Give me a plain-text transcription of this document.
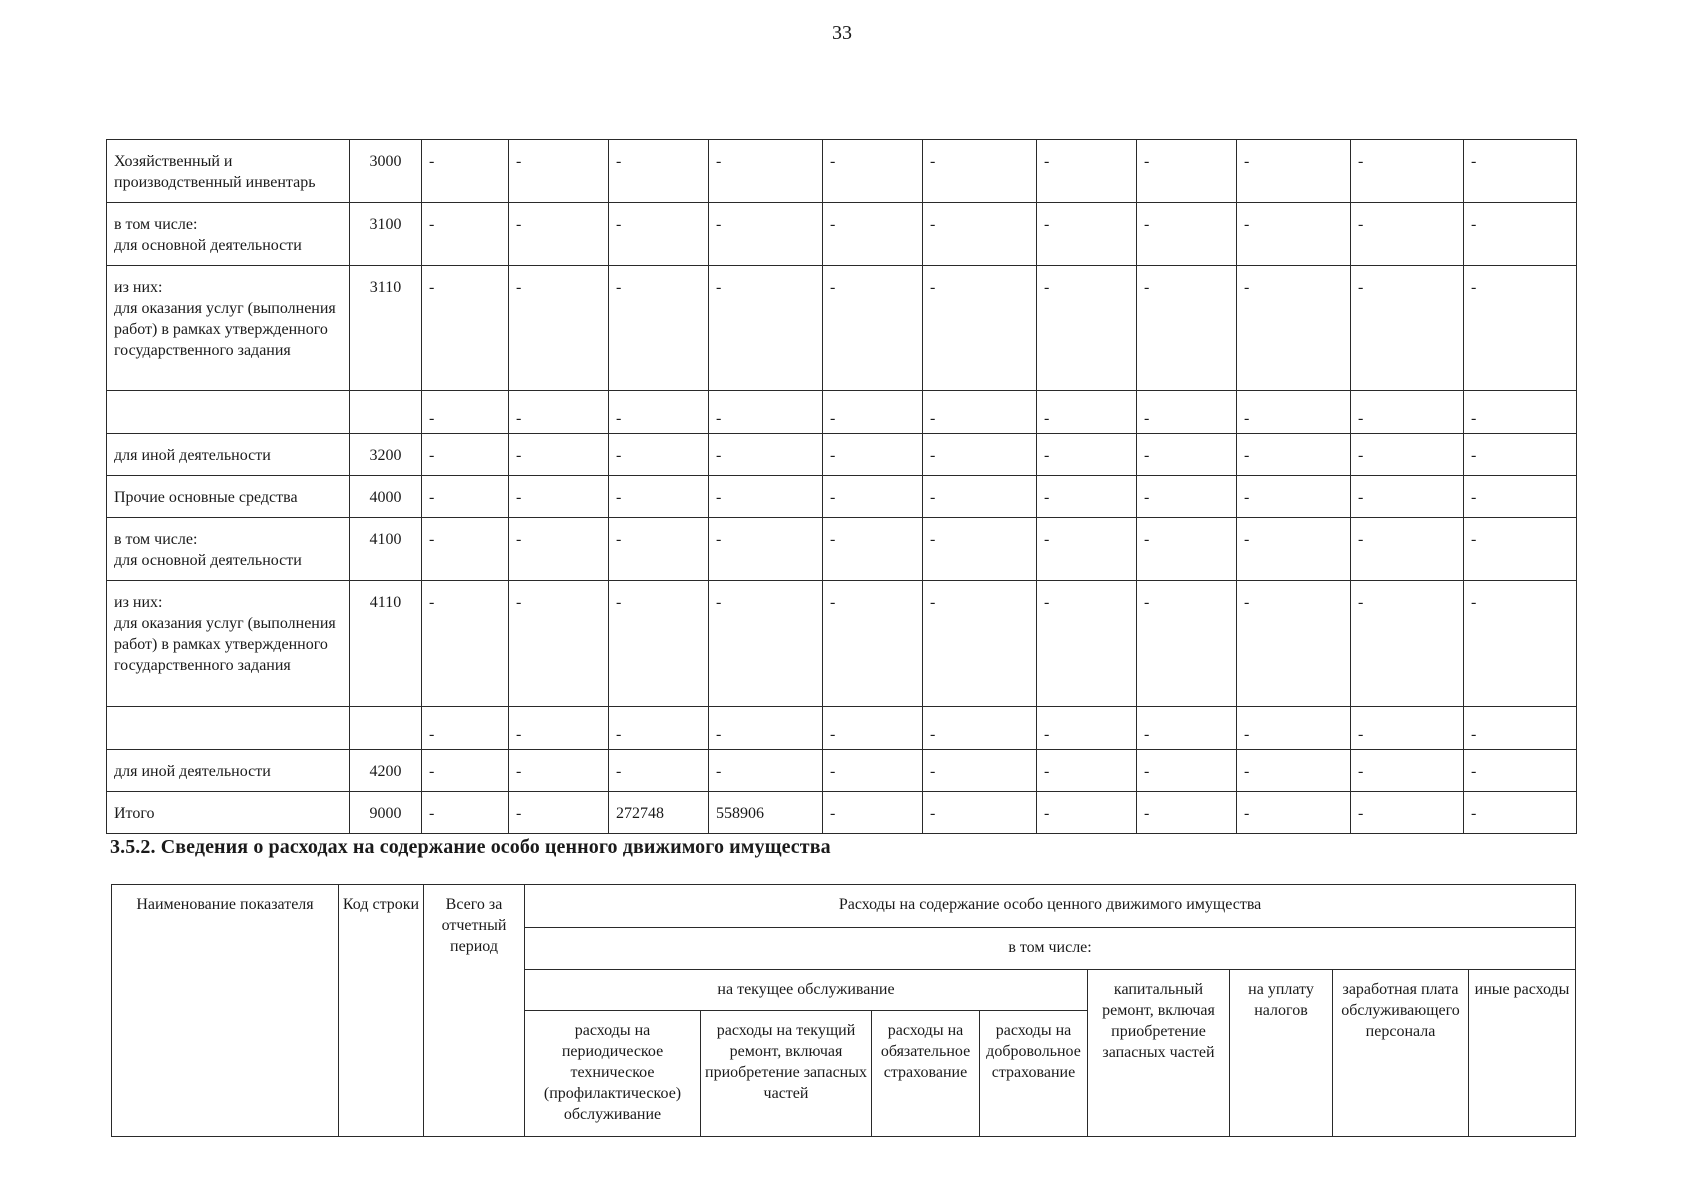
33
Хозяйственный и производственный инвентарь	3000	-	-	-	-	-	-	-	-	-	-	-
в том числе:
для основной деятельности	3100	-	-	-	-	-	-	-	-	-	-	-
из них:
для оказания услуг (выполнения работ) в рамках утвержденного государственного задания	3110	-	-	-	-	-	-	-	-	-	-	-
		-	-	-	-	-	-	-	-	-	-	-
для иной деятельности	3200	-	-	-	-	-	-	-	-	-	-	-
Прочие основные средства	4000	-	-	-	-	-	-	-	-	-	-	-
в том числе:
для основной деятельности	4100	-	-	-	-	-	-	-	-	-	-	-
из них:
для оказания услуг (выполнения работ) в рамках утвержденного государственного задания	4110	-	-	-	-	-	-	-	-	-	-	-
		-	-	-	-	-	-	-	-	-	-	-
для иной деятельности	4200	-	-	-	-	-	-	-	-	-	-	-
Итого	9000	-	-	272748	558906	-	-	-	-	-	-	-
3.5.2. Сведения о расходах на содержание особо ценного движимого имущества
Наименование показателя	Код строки	Всего за отчетный период	Расходы на содержание особо ценного движимого имущества							
			в том числе:							
			на текущее обслуживание				капитальный ремонт, включая приобретение запасных частей	на уплату налогов	заработная плата обслуживающего персонала	иные расходы
			расходы на периодическое техническое (профилактическое) обслуживание	расходы на текущий ремонт, включая приобретение запасных частей	расходы на обязательное страхование	расходы на добровольное страхование				
